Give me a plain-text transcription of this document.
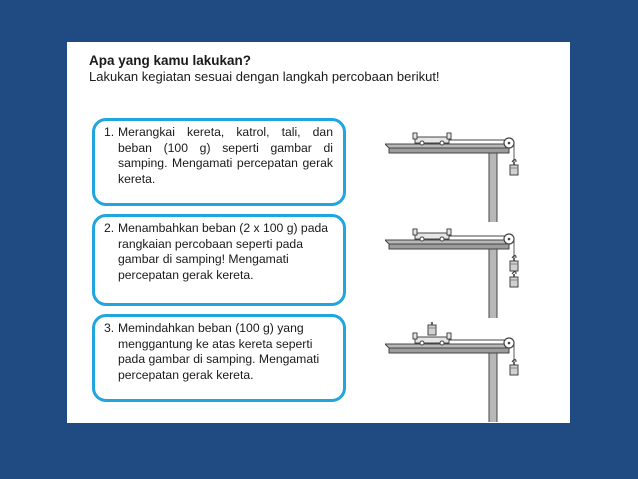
Apa yang kamu lakukan?

Lakukan kegiatan sesuai dengan langkah percobaan berikut!

1. Merangkai kereta, katrol, tali, dan beban (100 g) seperti gambar di samping. Mengamati percepatan gerak kereta.
2. Menambahkan beban (2 x 100 g) pada rangkaian percobaan seperti pada gambar di samping! Mengamati percepatan gerak kereta.
3. Memindahkan beban (100 g) yang menggantung ke atas kereta seperti pada gambar di samping. Mengamati percepatan gerak kereta.
